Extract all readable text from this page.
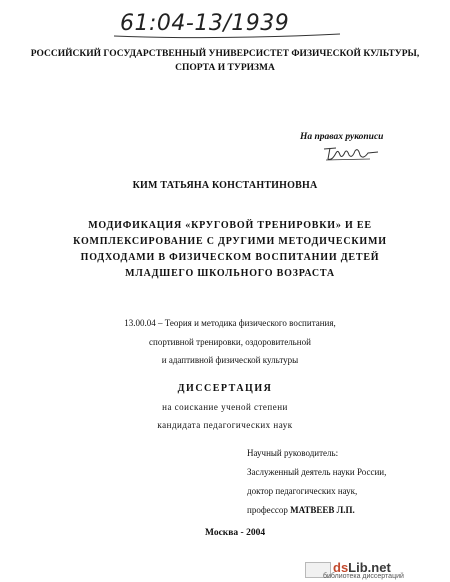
61:04-13/1939
РОССИЙСКИЙ ГОСУДАРСТВЕННЫЙ УНИВЕРСИСТЕТ ФИЗИЧЕСКОЙ КУЛЬТУРЫ,
СПОРТА И ТУРИЗМА
На правах рукописи
КИМ ТАТЬЯНА КОНСТАНТИНОВНА
МОДИФИКАЦИЯ «КРУГОВОЙ ТРЕНИРОВКИ» И ЕЕ
КОМПЛЕКСИРОВАНИЕ С ДРУГИМИ МЕТОДИЧЕСКИМИ
ПОДХОДАМИ В ФИЗИЧЕСКОМ ВОСПИТАНИИ ДЕТЕЙ
МЛАДШЕГО ШКОЛЬНОГО ВОЗРАСТА
13.00.04 – Теория и методика физического воспитания,
спортивной тренировки, оздоровительной
и адаптивной физической культуры
ДИССЕРТАЦИЯ
на соискание ученой степени
кандидата педагогических наук
Научный руководитель:
Заслуженный деятель науки России,
доктор педагогических наук,
профессор МАТВЕЕВ Л.П.
Москва - 2004
dsLib.net
библиотека диссертаций
